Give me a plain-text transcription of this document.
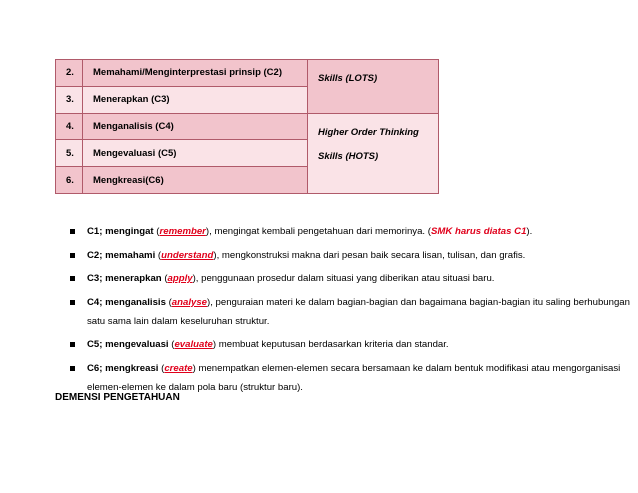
2.	Memahami/Menginterprestasi prinsip (C2)	Skills (LOTS)
3.	Menerapkan (C3)	
4.	Menganalisis (C4)	Higher Order Thinking Skills (HOTS)
5.	Mengevaluasi (C5)	
6.	Mengkreasi(C6)	
C1; mengingat (remember), mengingat kembali pengetahuan dari memorinya. (SMK harus diatas C1).
C2; memahami (understand), mengkonstruksi makna dari pesan baik secara lisan, tulisan, dan grafis.
C3; menerapkan (apply), penggunaan prosedur dalam situasi yang diberikan atau situasi baru.
C4; menganalisis (analyse), penguraian materi ke dalam bagian-bagian dan bagaimana bagian-bagian itu saling berhubungan satu sama lain dalam keseluruhan struktur.
C5; mengevaluasi (evaluate) membuat keputusan berdasarkan kriteria dan standar.
C6; mengkreasi (create) menempatkan elemen-elemen secara bersamaan ke dalam bentuk modifikasi atau mengorganisasi elemen-elemen ke dalam pola baru (struktur baru).
DEMENSI PENGETAHUAN
